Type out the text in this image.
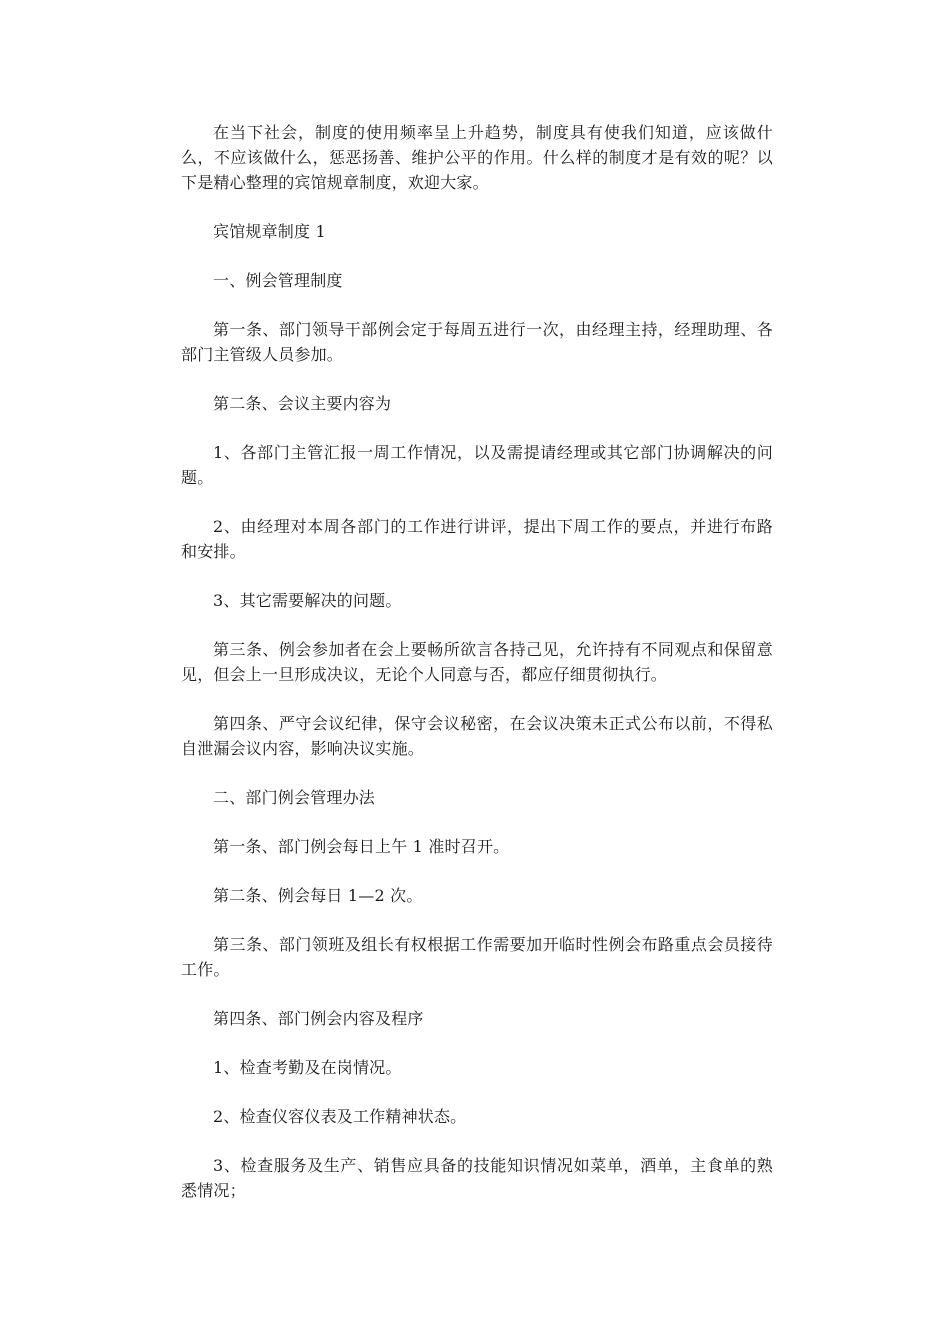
在当下社会，制度的使用频率呈上升趋势，制度具有使我们知道，应该做什么，不应该做什么，惩恶扬善、维护公平的作用。什么样的制度才是有效的呢？以下是精心整理的宾馆规章制度，欢迎大家。

宾馆规章制度 1

一、例会管理制度

第一条、部门领导干部例会定于每周五进行一次，由经理主持，经理助理、各部门主管级人员参加。

第二条、会议主要内容为

1、各部门主管汇报一周工作情况，以及需提请经理或其它部门协调解决的问题。

2、由经理对本周各部门的工作进行讲评，提出下周工作的要点，并进行布路和安排。

3、其它需要解决的问题。

第三条、例会参加者在会上要畅所欲言各持己见，允许持有不同观点和保留意见，但会上一旦形成决议，无论个人同意与否，都应仔细贯彻执行。

第四条、严守会议纪律，保守会议秘密，在会议决策未正式公布以前，不得私自泄漏会议内容，影响决议实施。

二、部门例会管理办法

第一条、部门例会每日上午 1 准时召开。

第二条、例会每日 1—2 次。

第三条、部门领班及组长有权根据工作需要加开临时性例会布路重点会员接待工作。

第四条、部门例会内容及程序

1、检查考勤及在岗情况。

2、检查仪容仪表及工作精神状态。

3、检查服务及生产、销售应具备的技能知识情况如菜单，酒单，主食单的熟悉情况；
